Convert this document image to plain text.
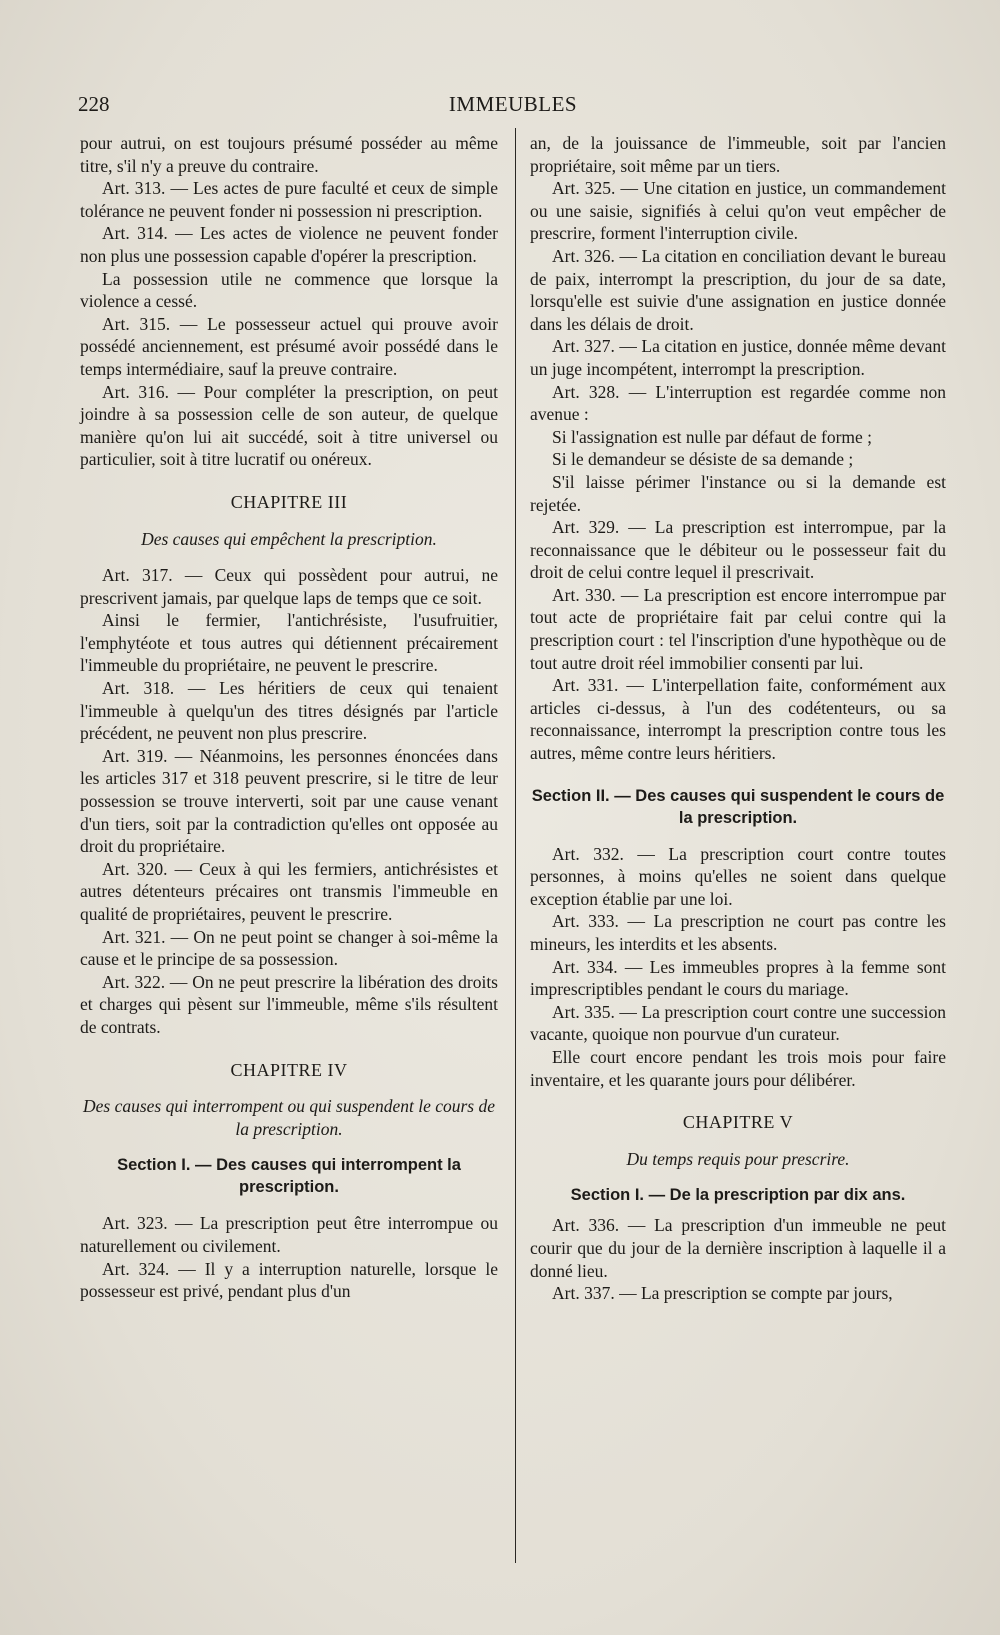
228	IMMEUBLES

pour autrui, on est toujours présumé posséder au même titre, s'il n'y a preuve du contraire.

Art. 313. — Les actes de pure faculté et ceux de simple tolérance ne peuvent fonder ni possession ni prescription.

Art. 314. — Les actes de violence ne peuvent fonder non plus une possession capable d'opérer la prescription.

La possession utile ne commence que lorsque la violence a cessé.

Art. 315. — Le possesseur actuel qui prouve avoir possédé anciennement, est présumé avoir possédé dans le temps intermédiaire, sauf la preuve contraire.

Art. 316. — Pour compléter la prescription, on peut joindre à sa possession celle de son auteur, de quelque manière qu'on lui ait succédé, soit à titre universel ou particulier, soit à titre lucratif ou onéreux.

CHAPITRE III

Des causes qui empêchent la prescription.

Art. 317. — Ceux qui possèdent pour autrui, ne prescrivent jamais, par quelque laps de temps que ce soit.

Ainsi le fermier, l'antichrésiste, l'usufruitier, l'emphytéote et tous autres qui détiennent précairement l'immeuble du propriétaire, ne peuvent le prescrire.

Art. 318. — Les héritiers de ceux qui tenaient l'immeuble à quelqu'un des titres désignés par l'article précédent, ne peuvent non plus prescrire.

Art. 319. — Néanmoins, les personnes énoncées dans les articles 317 et 318 peuvent prescrire, si le titre de leur possession se trouve interverti, soit par une cause venant d'un tiers, soit par la contradiction qu'elles ont opposée au droit du propriétaire.

Art. 320. — Ceux à qui les fermiers, antichrésistes et autres détenteurs précaires ont transmis l'immeuble en qualité de propriétaires, peuvent le prescrire.

Art. 321. — On ne peut point se changer à soi-même la cause et le principe de sa possession.

Art. 322. — On ne peut prescrire la libération des droits et charges qui pèsent sur l'immeuble, même s'ils résultent de contrats.

CHAPITRE IV

Des causes qui interrompent ou qui suspendent le cours de la prescription.

Section I. — Des causes qui interrompent la prescription.

Art. 323. — La prescription peut être interrompue ou naturellement ou civilement.

Art. 324. — Il y a interruption naturelle, lorsque le possesseur est privé, pendant plus d'un

an, de la jouissance de l'immeuble, soit par l'ancien propriétaire, soit même par un tiers.

Art. 325. — Une citation en justice, un commandement ou une saisie, signifiés à celui qu'on veut empêcher de prescrire, forment l'interruption civile.

Art. 326. — La citation en conciliation devant le bureau de paix, interrompt la prescription, du jour de sa date, lorsqu'elle est suivie d'une assignation en justice donnée dans les délais de droit.

Art. 327. — La citation en justice, donnée même devant un juge incompétent, interrompt la prescription.

Art. 328. — L'interruption est regardée comme non avenue :

Si l'assignation est nulle par défaut de forme ;

Si le demandeur se désiste de sa demande ;

S'il laisse périmer l'instance ou si la demande est rejetée.

Art. 329. — La prescription est interrompue, par la reconnaissance que le débiteur ou le possesseur fait du droit de celui contre lequel il prescrivait.

Art. 330. — La prescription est encore interrompue par tout acte de propriétaire fait par celui contre qui la prescription court : tel l'inscription d'une hypothèque ou de tout autre droit réel immobilier consenti par lui.

Art. 331. — L'interpellation faite, conformément aux articles ci-dessus, à l'un des codétenteurs, ou sa reconnaissance, interrompt la prescription contre tous les autres, même contre leurs héritiers.

Section II. — Des causes qui suspendent le cours de la prescription.

Art. 332. — La prescription court contre toutes personnes, à moins qu'elles ne soient dans quelque exception établie par une loi.

Art. 333. — La prescription ne court pas contre les mineurs, les interdits et les absents.

Art. 334. — Les immeubles propres à la femme sont imprescriptibles pendant le cours du mariage.

Art. 335. — La prescription court contre une succession vacante, quoique non pourvue d'un curateur.

Elle court encore pendant les trois mois pour faire inventaire, et les quarante jours pour délibérer.

CHAPITRE V

Du temps requis pour prescrire.

Section I. — De la prescription par dix ans.

Art. 336. — La prescription d'un immeuble ne peut courir que du jour de la dernière inscription à laquelle il a donné lieu.

Art. 337. — La prescription se compte par jours,
